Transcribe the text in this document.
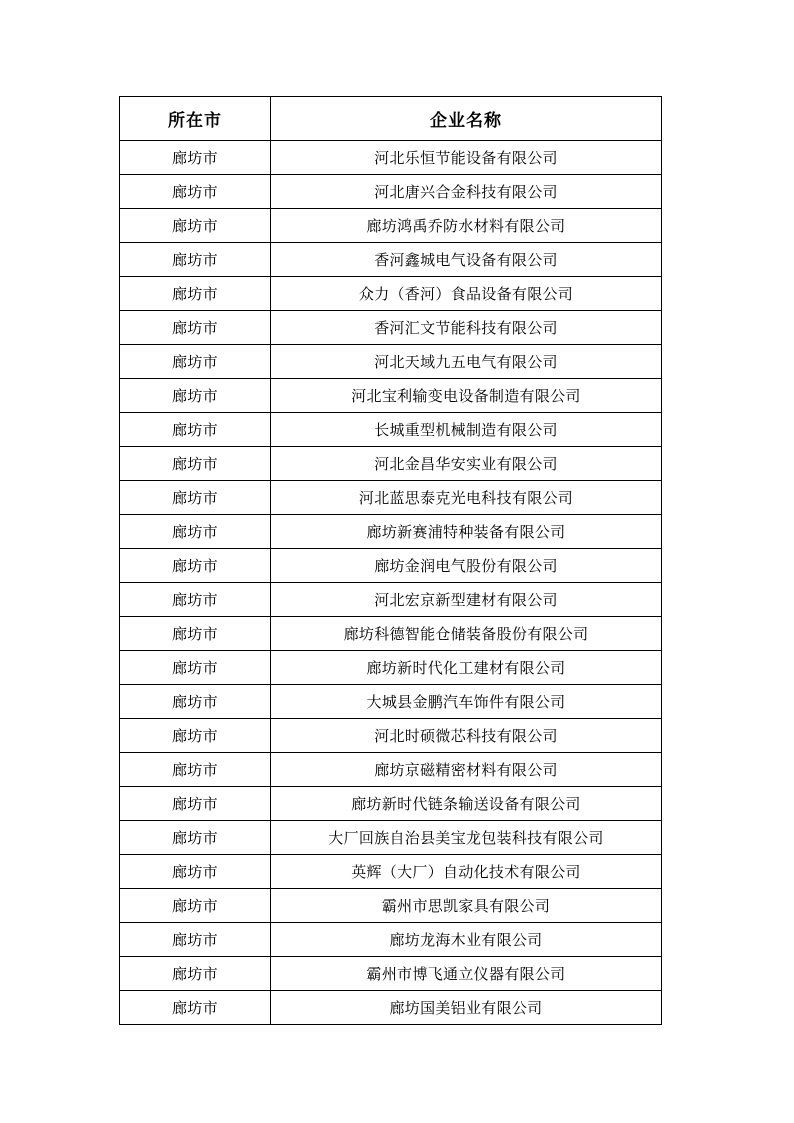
所在市	企业名称
廊坊市	河北乐恒节能设备有限公司
廊坊市	河北唐兴合金科技有限公司
廊坊市	廊坊鸿禹乔防水材料有限公司
廊坊市	香河鑫城电气设备有限公司
廊坊市	众力（香河）食品设备有限公司
廊坊市	香河汇文节能科技有限公司
廊坊市	河北天域九五电气有限公司
廊坊市	河北宝利输变电设备制造有限公司
廊坊市	长城重型机械制造有限公司
廊坊市	河北金昌华安实业有限公司
廊坊市	河北蓝思泰克光电科技有限公司
廊坊市	廊坊新赛浦特种装备有限公司
廊坊市	廊坊金润电气股份有限公司
廊坊市	河北宏京新型建材有限公司
廊坊市	廊坊科德智能仓储装备股份有限公司
廊坊市	廊坊新时代化工建材有限公司
廊坊市	大城县金鹏汽车饰件有限公司
廊坊市	河北时硕微芯科技有限公司
廊坊市	廊坊京磁精密材料有限公司
廊坊市	廊坊新时代链条输送设备有限公司
廊坊市	大厂回族自治县美宝龙包装科技有限公司
廊坊市	英辉（大厂）自动化技术有限公司
廊坊市	霸州市思凯家具有限公司
廊坊市	廊坊龙海木业有限公司
廊坊市	霸州市博飞通立仪器有限公司
廊坊市	廊坊国美铝业有限公司
